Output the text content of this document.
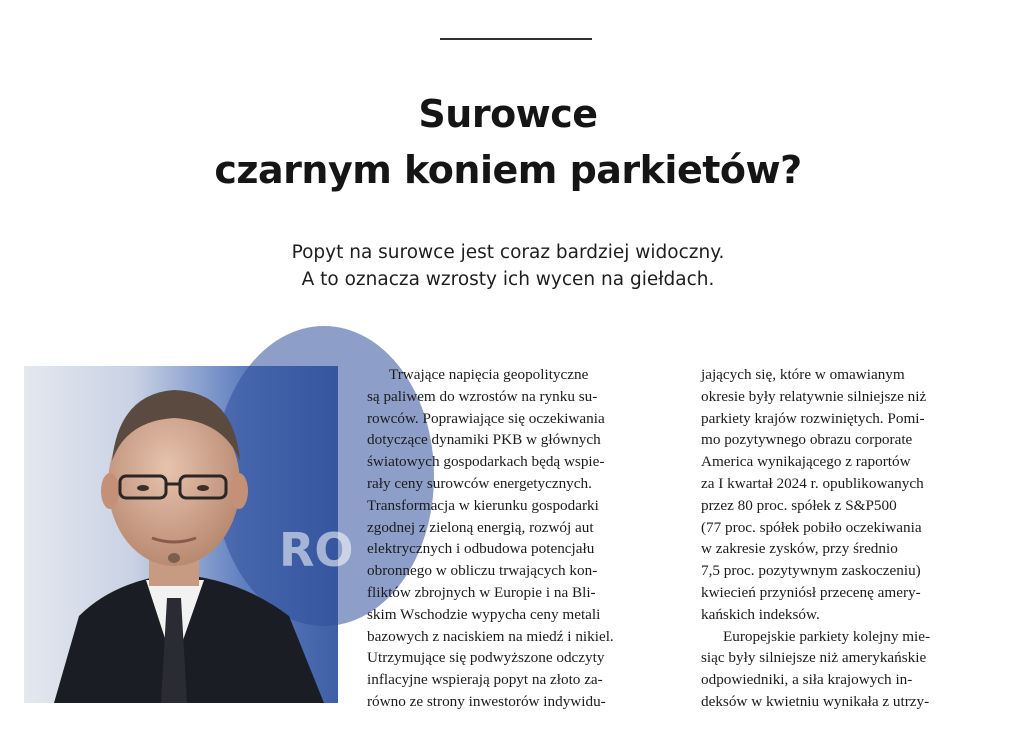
Surowce
czarnym koniem parkietów?

Popyt na surowce jest coraz bardziej widoczny.
A to oznacza wzrosty ich wycen na giełdach.

RO
Trwające napięcia geopolityczne
są paliwem do wzrostów na rynku su-
rowców. Poprawiające się oczekiwania
dotyczące dynamiki PKB w głównych
światowych gospodarkach będą wspie-
rały ceny surowców energetycznych.
Transformacja w kierunku gospodarki
zgodnej z zieloną energią, rozwój aut
elektrycznych i odbudowa potencjału
obronnego w obliczu trwających kon-
fliktów zbrojnych w Europie i na Bli-
skim Wschodzie wypycha ceny metali
bazowych z naciskiem na miedź i nikiel.
Utrzymujące się podwyższone odczyty
inflacyjne wspierają popyt na złoto za-
równo ze strony inwestorów indywidu-
jających się, które w omawianym
okresie były relatywnie silniejsze niż
parkiety krajów rozwiniętych. Pomi-
mo pozytywnego obrazu corporate
America wynikającego z raportów
za I kwartał 2024 r. opublikowanych
przez 80 proc. spółek z S&P500
(77 proc. spółek pobiło oczekiwania
w zakresie zysków, przy średnio
7,5 proc. pozytywnym zaskoczeniu)
kwiecień przyniósł przecenę amery-
kańskich indeksów.
Europejskie parkiety kolejny mie-
siąc były silniejsze niż amerykańskie
odpowiedniki, a siła krajowych in-
deksów w kwietniu wynikała z utrzy-
